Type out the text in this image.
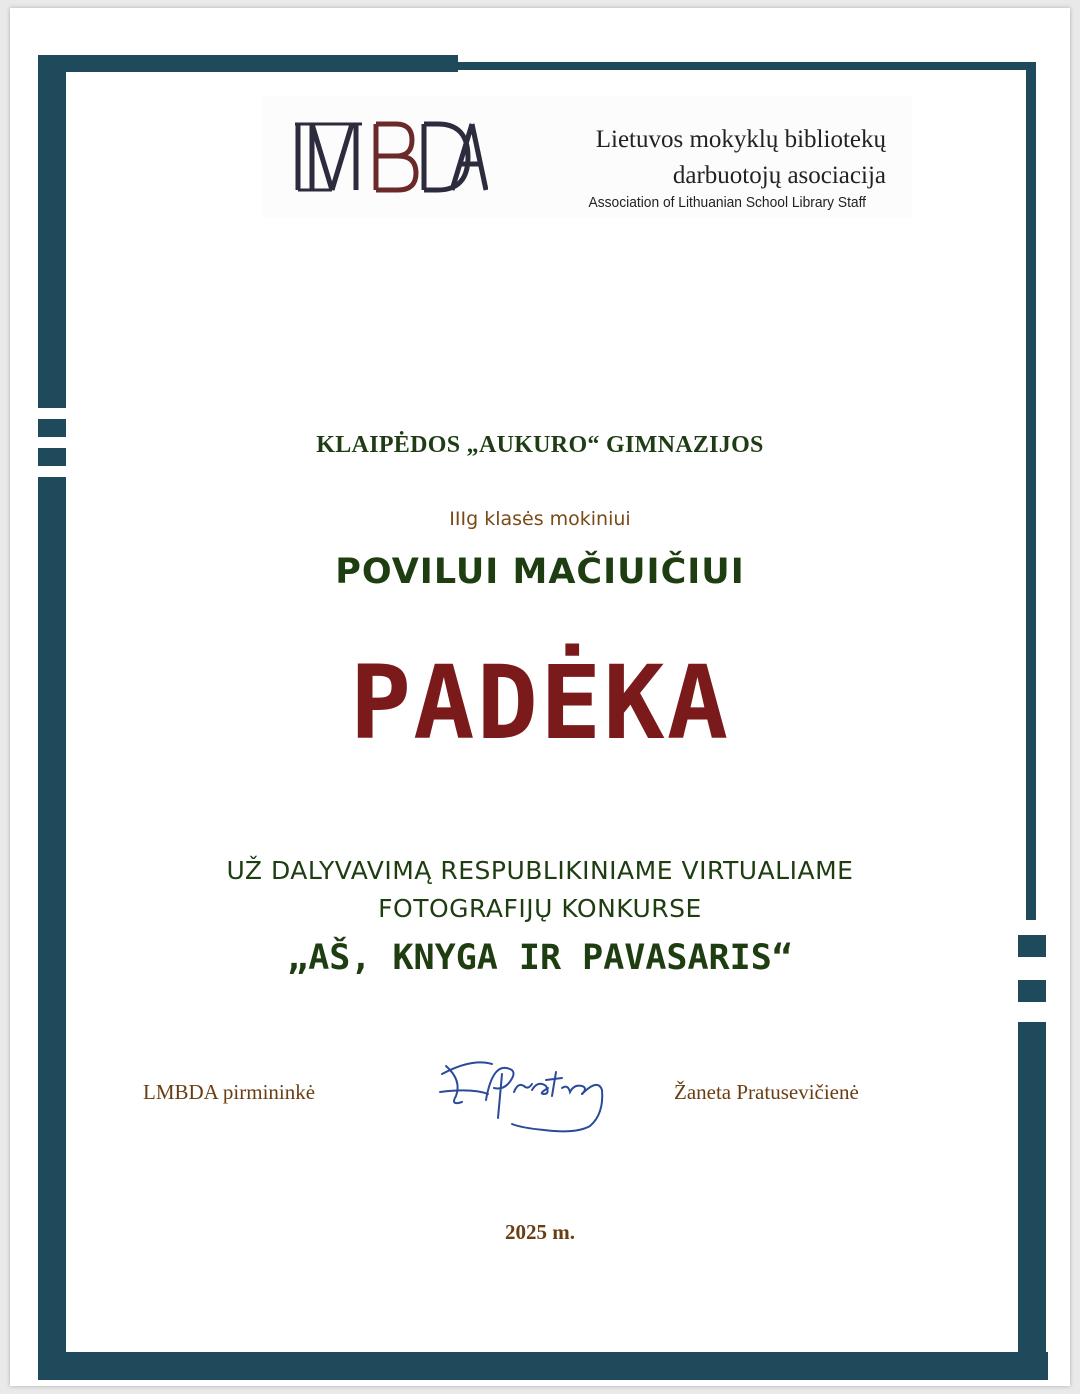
Lietuvos mokyklų bibliotekų
darbuotojų asociacija
Association of Lithuanian School Library Staff
KLAIPĖDOS „AUKURO“ GIMNAZIJOS
IIIg klasės mokiniui
POVILUI MAČIUIČIUI
PADĖKA
UŽ DALYVAVIMĄ RESPUBLIKINIAME VIRTUALIAME
FOTOGRAFIJŲ KONKURSE
„AŠ, KNYGA IR PAVASARIS“
LMBDA pirmininkė	Žaneta Pratusevičienė
2025 m.
